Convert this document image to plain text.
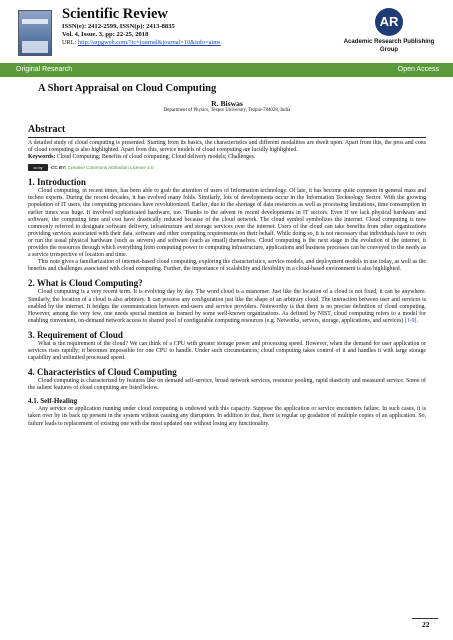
Scientific Review
ISSN(e): 2412-2599, ISSN(p): 2413-8835
Vol. 4, Issue. 3, pp: 22-25, 2018
URL: http://arpgweb.com/?ic=journal&journal=10&info=aims
AR
Academic Research Publishing Group
Original Research	Open Access
A Short Appraisal on Cloud Computing
R. Biswas
Department of Physics, Tezpur University, Tezpur-784028, India
Abstract

A detailed study of cloud computing is presented. Starting from its basics, the characteristics and different modalities are dwelt upon. Apart from this, the pros and cons of cloud computing is also highlighted. Apart from this, service models of cloud computing are lucidly highlighted.

Keywords: Cloud Computing; Benefits of cloud computing; Cloud delivery models; Challenges.

cc by	CC BY: Creative Commons Attribution License 4.0
1. Introduction

Cloud computing, in recent times, has been able to grab the attention of users of Information technology. Of late, it has become quite common in general mass and techno experts. During the recent decades, it has evolved many folds. Similarly, lots of developments occur in the Information Technology Sector. With the growing population of IT users, the computing processes have revolutionized. Earlier, due to the shortage of data resources as well as processing limitations, time consumption in earlier times was huge. It involved sophisticated hardware, too. Thanks to the advent in recent developments in IT sectors. Even if we lack physical hardware and software, the computing time and cost have drastically reduced because of the cloud network. The cloud symbol symbolizes the internet. Cloud computing is now commonly referred to designate software delivery, infrastructure and storage services over the internet. Users of the cloud can take benefits from other organizations providing services associated with their data, software and other computing requirements on their behalf. While doing so, it is not necessary that individuals have to own or run the usual physical hardware (such as servers) and software (such as email) themselves. Cloud computing is the next stage in the evolution of the internet, it provides the resources through which everything from computing power to computing infrastructure, applications and business processes can be conveyed to the needy as a service irrespective of location and time.

This note gives a familiarization of internet-based cloud computing, exploring the characteristics, service models, and deployment models in use today, as well as the benefits and challenges associated with cloud computing. Further, the importance of scalability and flexibility in a cloud-based environment is also highlighted.

2. What is Cloud Computing?

Cloud computing is a very recent term. It is evolving day by day. The word cloud is a misnomer. Just like the location of a cloud is not fixed, it can be anywhere. Similarly, the location of a cloud is also arbitrary. It can possess any configuration just like the shape of an arbitrary cloud. The interaction between user and services is enabled by the internet. It bridges the communication between end-users and service providers. Noteworthy is that there is no precise definition of cloud computing. However, among the very few, one needs special mention as framed by some well-known organizations. As defined by NIST, cloud computing refers to a model for enabling convenient, on-demand network access to shared pool of configurable computing resources (e.g. Networks, servers, storage, applications, and services) [1-9].

3. Requirement of Cloud

What is the requirement of the cloud? We can think of a CPU with greater storage power and processing speed. However, when the demand for user application or services rises rapidly; it becomes impossible for one CPU to handle. Under such circumstances; cloud computing takes control of it and handles it with large storage capability and unlimited processed speed.

4. Characteristics of Cloud Computing

Cloud computing is characterized by features like on demand self-service, broad network services, resource pooling, rapid elasticity and measured service. Some of the salient features of cloud computing are listed below.

4.1. Self-Healing

Any service or application running under cloud computing is endowed with this capacity. Suppose the application or service encounters failure. In such cases, it is taken over by its back up present in the system without causing any disruption. In addition to that, there is regular up gradation of multiple copies of an application. So, failure leads to replacement of existing one with the most updated one without losing any functionality.

22
